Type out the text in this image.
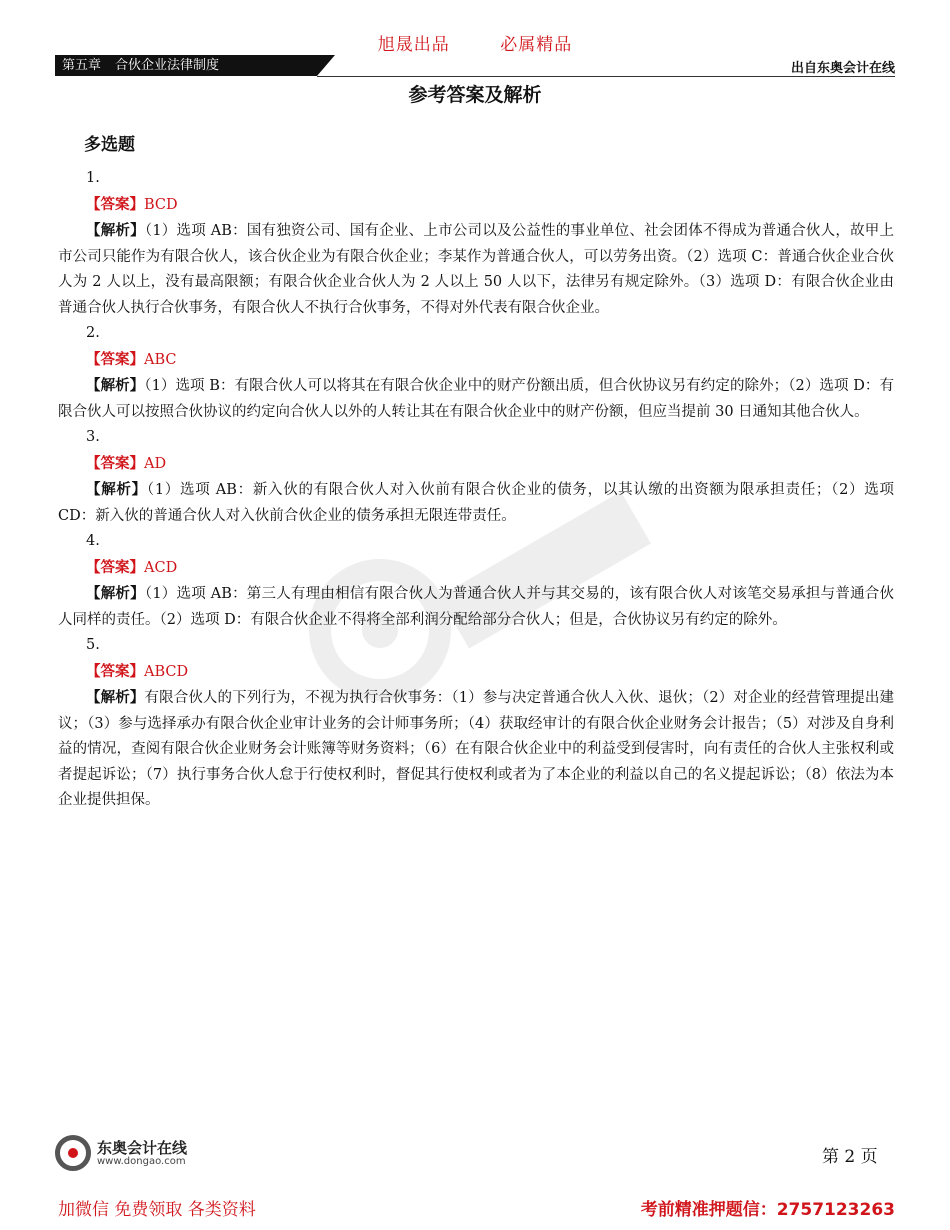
旭晟出品	必属精品
第五章 合伙企业法律制度	出自东奥会计在线
参考答案及解析
多选题

1.

【答案】BCD

【解析】（1）选项 AB：国有独资公司、国有企业、上市公司以及公益性的事业单位、社会团体不得成为普通合伙人，故甲上市公司只能作为有限合伙人，该合伙企业为有限合伙企业；李某作为普通合伙人，可以劳务出资。（2）选项 C：普通合伙企业合伙人为 2 人以上，没有最高限额；有限合伙企业合伙人为 2 人以上 50 人以下，法律另有规定除外。（3）选项 D：有限合伙企业由普通合伙人执行合伙事务，有限合伙人不执行合伙事务，不得对外代表有限合伙企业。

2.

【答案】ABC

【解析】（1）选项 B：有限合伙人可以将其在有限合伙企业中的财产份额出质，但合伙协议另有约定的除外；（2）选项 D：有限合伙人可以按照合伙协议的约定向合伙人以外的人转让其在有限合伙企业中的财产份额，但应当提前 30 日通知其他合伙人。

3.

【答案】AD

【解析】（1）选项 AB：新入伙的有限合伙人对入伙前有限合伙企业的债务，以其认缴的出资额为限承担责任；（2）选项 CD：新入伙的普通合伙人对入伙前合伙企业的债务承担无限连带责任。

4.

【答案】ACD

【解析】（1）选项 AB：第三人有理由相信有限合伙人为普通合伙人并与其交易的，该有限合伙人对该笔交易承担与普通合伙人同样的责任。（2）选项 D：有限合伙企业不得将全部利润分配给部分合伙人；但是，合伙协议另有约定的除外。

5.

【答案】ABCD

【解析】有限合伙人的下列行为，不视为执行合伙事务：（1）参与决定普通合伙人入伙、退伙；（2）对企业的经营管理提出建议；（3）参与选择承办有限合伙企业审计业务的会计师事务所；（4）获取经审计的有限合伙企业财务会计报告；（5）对涉及自身利益的情况，查阅有限合伙企业财务会计账簿等财务资料；（6）在有限合伙企业中的利益受到侵害时，向有责任的合伙人主张权利或者提起诉讼；（7）执行事务合伙人怠于行使权利时，督促其行使权利或者为了本企业的利益以自己的名义提起诉讼；（8）依法为本企业提供担保。

东奥会计在线
www.dongao.com	第 2 页
加微信 免费领取 各类资料	考前精准押题信：2757123263
